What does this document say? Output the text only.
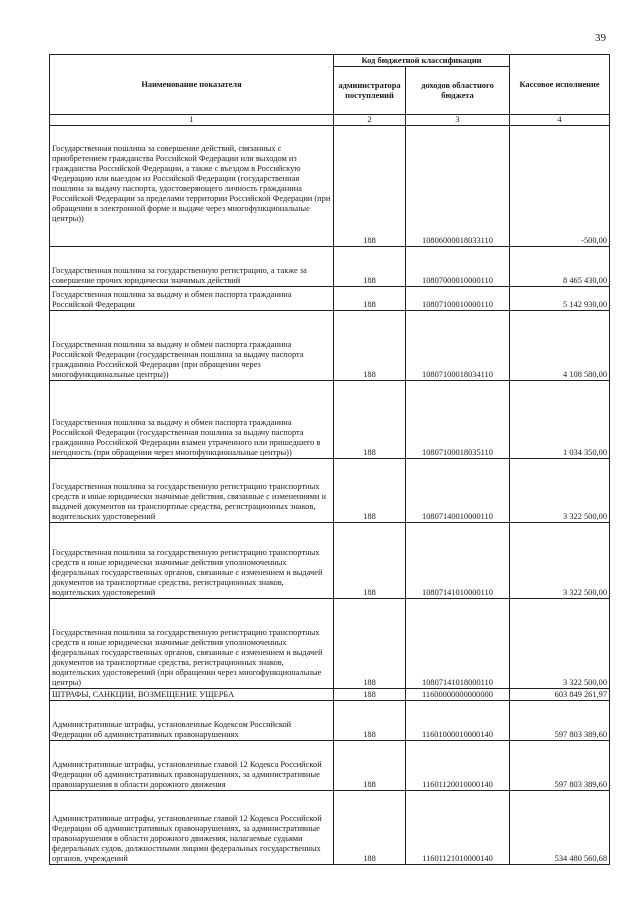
39
Наименование показателя	Код бюджетной классификации		Кассовое исполнение
	администратора поступлений	доходов областного бюджета	
1	2	3	4
Государственная пошлина за совершение действий, связанных с приобретением гражданства Российской Федерации или выходом из гражданства Российской Федерации, а также с въездом в Российскую Федерацию или выездом из Российской Федерации (государственная пошлина за выдачу паспорта, удостоверяющего личность гражданина Российской Федерации за пределами территории Российской Федерации (при обращении в электронной форме и выдаче через многофункциональные центры))	188	10806000018033110	-500,00
Государственная пошлина за государственную регистрацию, а также за совершение прочих юридически значимых действий	188	10807000010000110	8 465 430,00
Государственная пошлина за выдачу и обмен паспорта гражданина Российской Федерации	188	10807100010000110	5 142 930,00
Государственная пошлина за выдачу и обмен паспорта гражданина Российской Федерации (государственная пошлина за выдачу паспорта гражданина Российской Федерации (при обращении через многофункциональные центры))	188	10807100018034110	4 108 580,00
Государственная пошлина за выдачу и обмен паспорта гражданина Российской Федерации (государственная пошлина за выдачу паспорта гражданина Российской Федерации взамен утраченного или пришедшего в негодность (при обращении через многофункциональные центры))	188	10807100018035110	1 034 350,00
Государственная пошлина за государственную регистрацию транспортных средств и иные юридически значимые действия, связанные с изменениями и выдачей документов на транспортные средства, регистрационных знаков, водительских удостоверений	188	10807140010000110	3 322 500,00
Государственная пошлина за государственную регистрацию транспортных средств и иные юридически значимые действия уполномоченных федеральных государственных органов, связанные с изменением и выдачей документов на транспортные средства, регистрационных знаков, водительских удостоверений	188	10807141010000110	3 322 500,00
Государственная пошлина за государственную регистрацию транспортных средств и иные юридически значимые действия уполномоченных федеральных государственных органов, связанные с изменением и выдачей документов на транспортные средства, регистрационных знаков, водительских удостоверений (при обращении через многофункциональные центры)	188	10807141018000110	3 322 500,00
ШТРАФЫ, САНКЦИИ, ВОЗМЕЩЕНИЕ УЩЕРБА	188	11600000000000000	603 849 261,97
Административные штрафы, установленные Кодексом Российской Федерации об административных правонарушениях	188	11601000010000140	597 803 389,60
Административные штрафы, установленные главой 12 Кодекса Российской Федерации об административных правонарушениях, за административные правонарушения в области дорожного движения	188	11601120010000140	597 803 389,60
Административные штрафы, установленные главой 12 Кодекса Российской Федерации об административных правонарушениях, за административные правонарушения в области дорожного движения, налагаемые судьями федеральных судов, должностными лицами федеральных государственных органов, учреждений	188	11601121010000140	534 480 560,68
